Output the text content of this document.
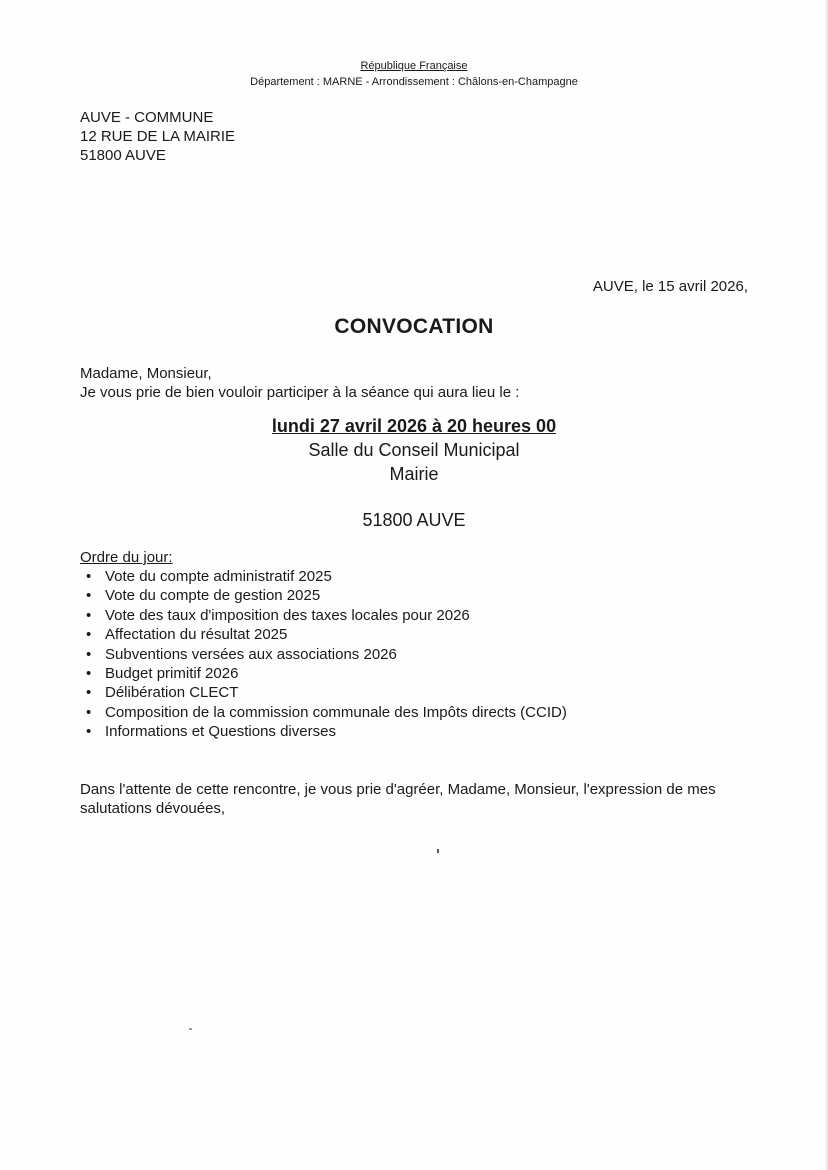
République Française
Département : MARNE - Arrondissement : Châlons-en-Champagne
AUVE - COMMUNE
12 RUE DE LA MAIRIE
51800 AUVE
AUVE, le 15 avril 2026,
CONVOCATION
Madame, Monsieur,
Je vous prie de bien vouloir participer à la séance qui aura lieu le :
lundi 27 avril 2026 à 20 heures 00
Salle du Conseil Municipal
Mairie
51800 AUVE
Ordre du jour:
• Vote du compte administratif 2025
• Vote du compte de gestion 2025
• Vote des taux d'imposition des taxes locales pour 2026
• Affectation du résultat 2025
• Subventions versées aux associations 2026
• Budget primitif 2026
• Délibération CLECT
• Composition de la commission communale des Impôts directs (CCID)
• Informations et Questions diverses
Dans l'attente de cette rencontre, je vous prie d'agréer, Madame, Monsieur, l'expression de mes salutations dévouées,
